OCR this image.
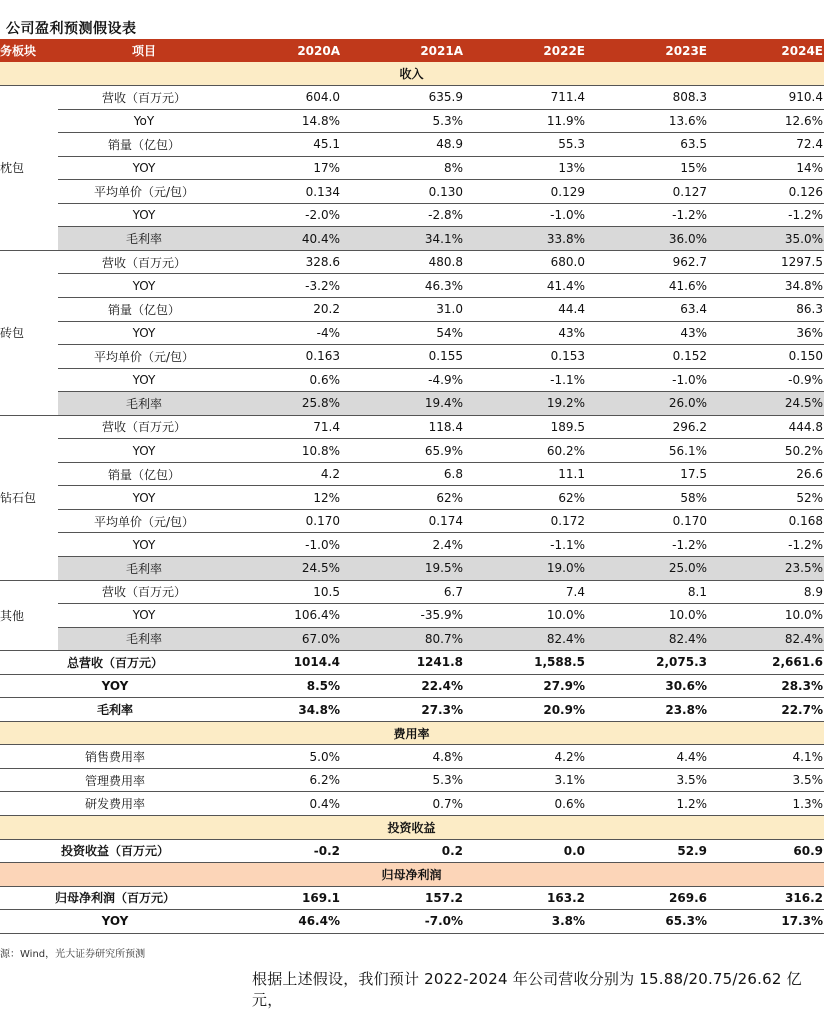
公司盈利预测假设表
务板块	项目	2020A	2021A	2022E	2023E	2024E
收入						
枕包	营收（百万元）	604.0	635.9	711.4	808.3	910.4
	YoY	14.8%	5.3%	11.9%	13.6%	12.6%
	销量（亿包）	45.1	48.9	55.3	63.5	72.4
	YOY	17%	8%	13%	15%	14%
	平均单价（元/包）	0.134	0.130	0.129	0.127	0.126
	YOY	-2.0%	-2.8%	-1.0%	-1.2%	-1.2%
	毛利率	40.4%	34.1%	33.8%	36.0%	35.0%
砖包	营收（百万元）	328.6	480.8	680.0	962.7	1297.5
	YOY	-3.2%	46.3%	41.4%	41.6%	34.8%
	销量（亿包）	20.2	31.0	44.4	63.4	86.3
	YOY	-4%	54%	43%	43%	36%
	平均单价（元/包）	0.163	0.155	0.153	0.152	0.150
	YOY	0.6%	-4.9%	-1.1%	-1.0%	-0.9%
	毛利率	25.8%	19.4%	19.2%	26.0%	24.5%
钻石包	营收（百万元）	71.4	118.4	189.5	296.2	444.8
	YOY	10.8%	65.9%	60.2%	56.1%	50.2%
	销量（亿包）	4.2	6.8	11.1	17.5	26.6
	YOY	12%	62%	62%	58%	52%
	平均单价（元/包）	0.170	0.174	0.172	0.170	0.168
	YOY	-1.0%	2.4%	-1.1%	-1.2%	-1.2%
	毛利率	24.5%	19.5%	19.0%	25.0%	23.5%
其他	营收（百万元）	10.5	6.7	7.4	8.1	8.9
	YOY	106.4%	-35.9%	10.0%	10.0%	10.0%
	毛利率	67.0%	80.7%	82.4%	82.4%	82.4%
总营收（百万元）		1014.4	1241.8	1,588.5	2,075.3	2,661.6
YOY		8.5%	22.4%	27.9%	30.6%	28.3%
毛利率		34.8%	27.3%	20.9%	23.8%	22.7%
费用率						
销售费用率		5.0%	4.8%	4.2%	4.4%	4.1%
管理费用率		6.2%	5.3%	3.1%	3.5%	3.5%
研发费用率		0.4%	0.7%	0.6%	1.2%	1.3%
投资收益						
投资收益（百万元）		-0.2	0.2	0.0	52.9	60.9
归母净利润						
归母净利润（百万元）		169.1	157.2	163.2	269.6	316.2
YOY		46.4%	-7.0%	3.8%	65.3%	17.3%
源：Wind，光大证券研究所预测
根据上述假设，我们预计 2022-2024 年公司营收分别为 15.88/20.75/26.62 亿元，
